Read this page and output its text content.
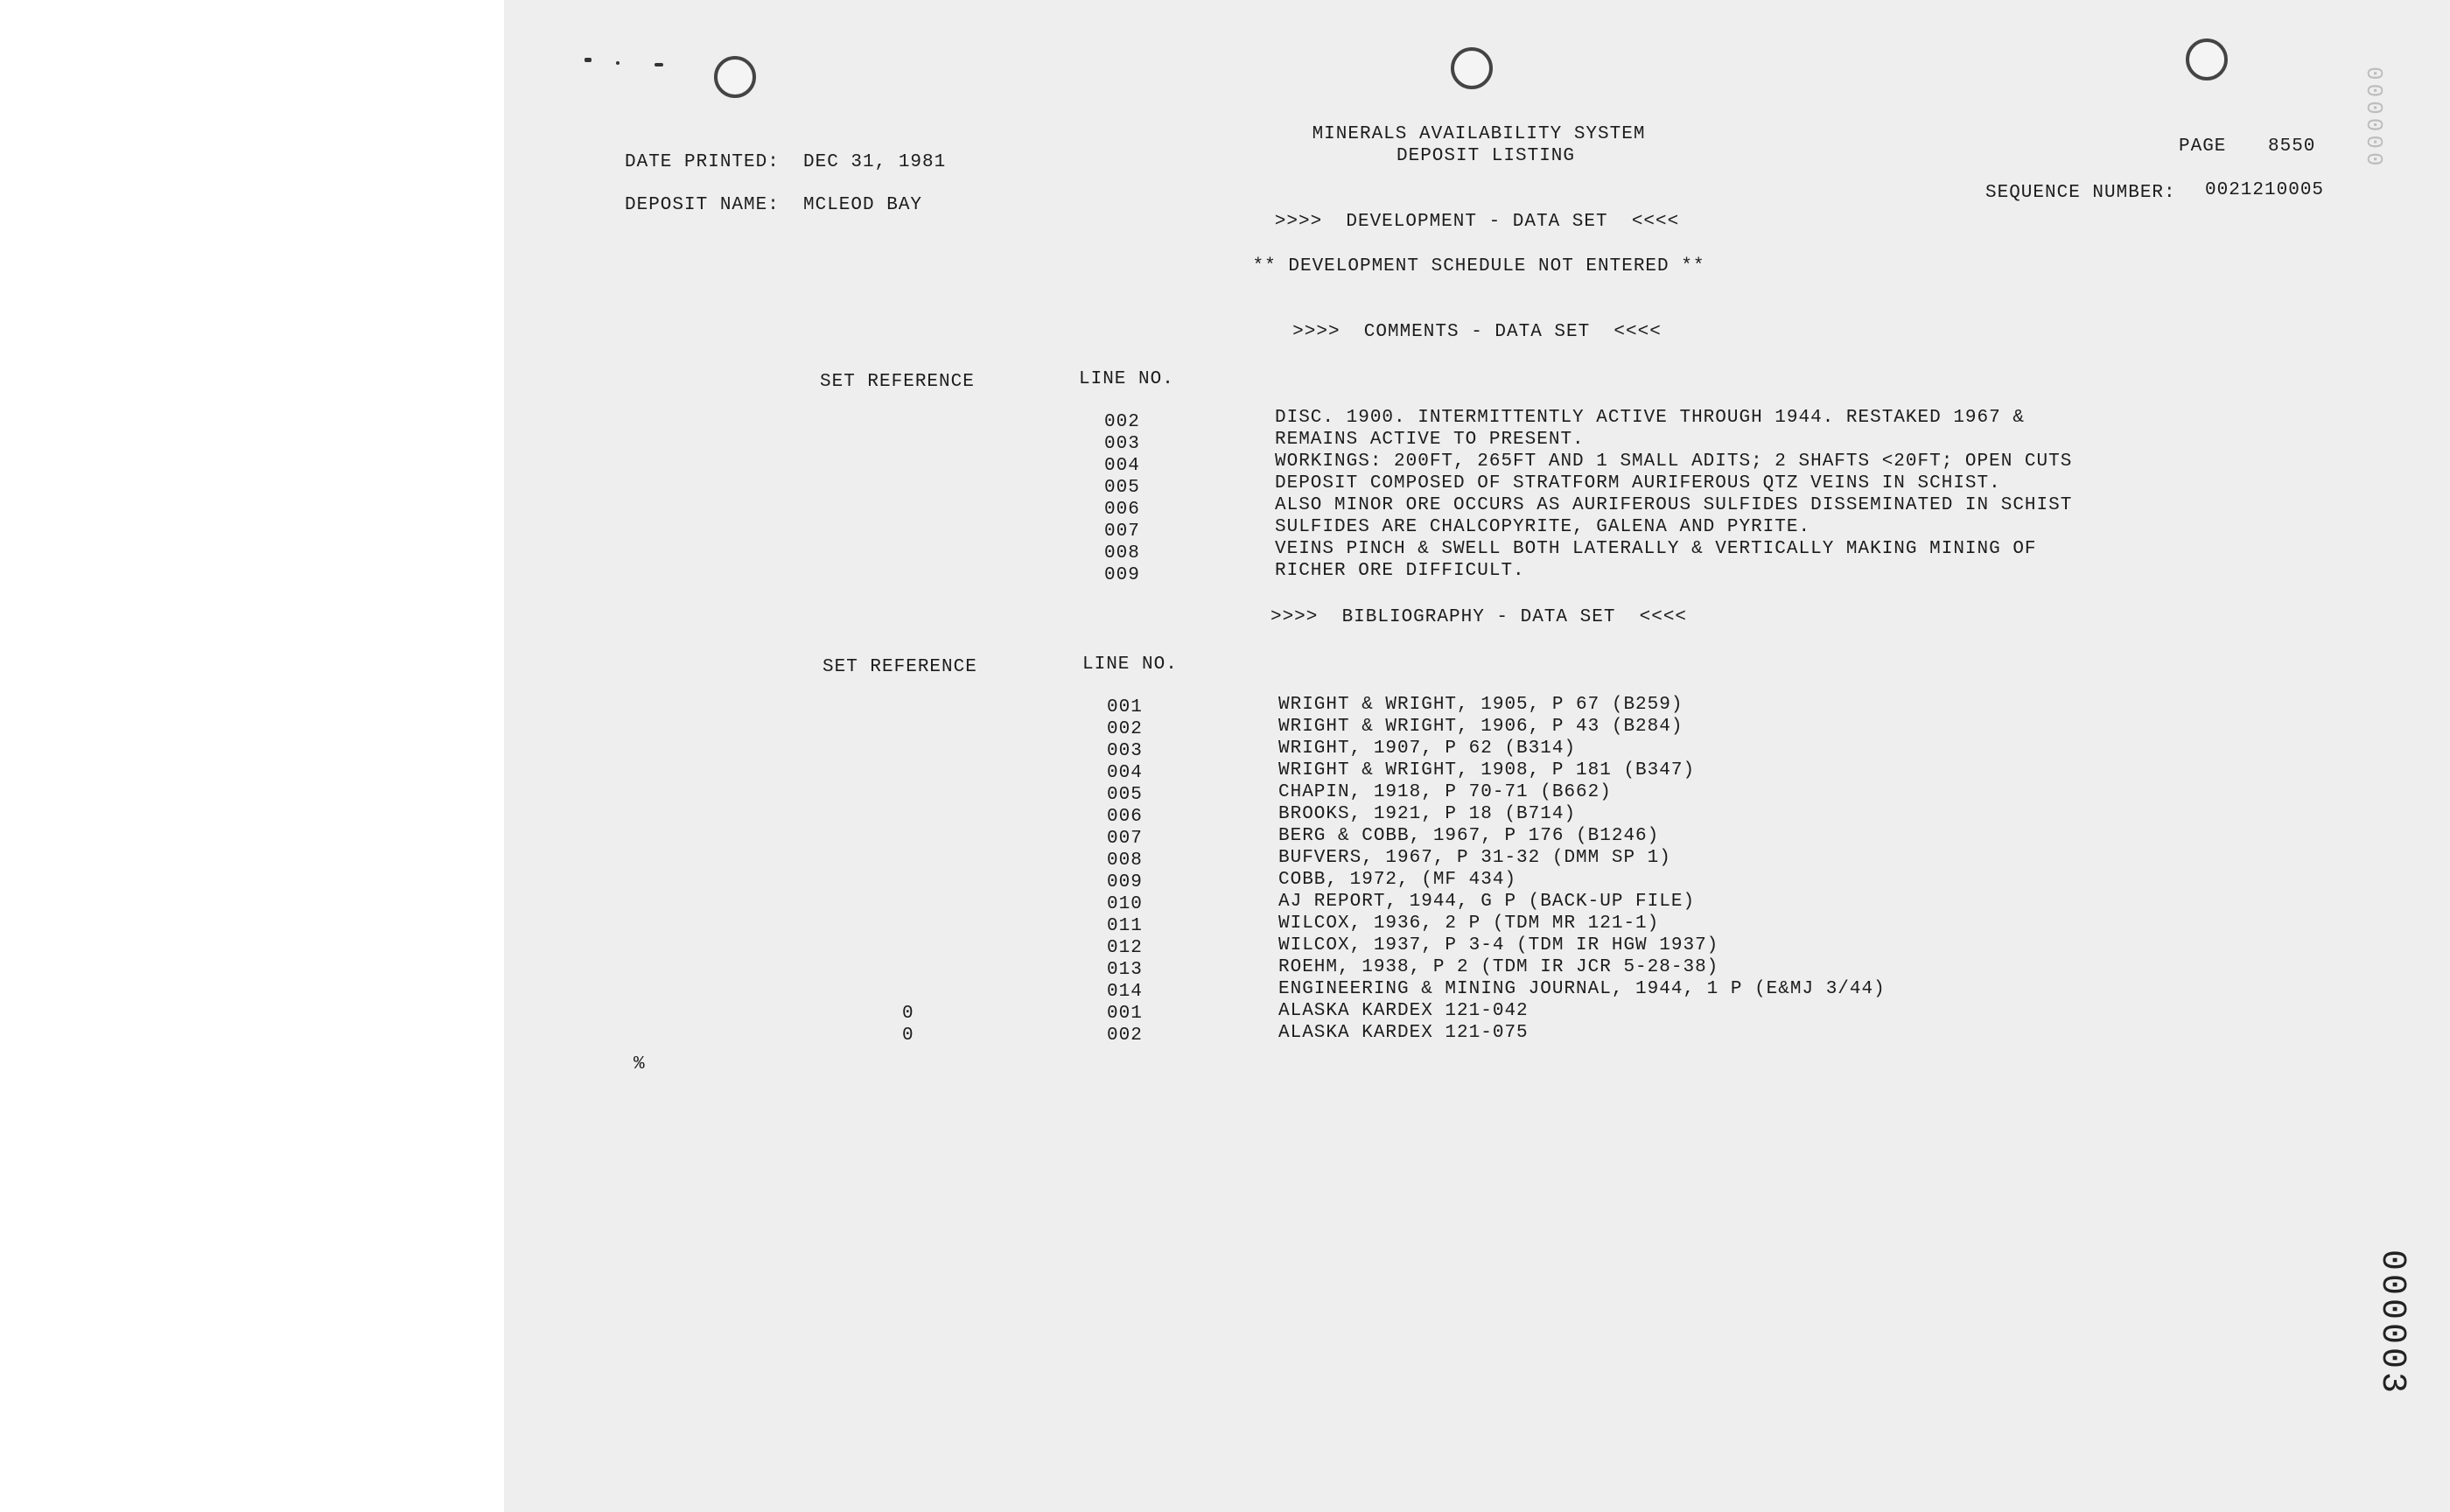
MINERALS AVAILABILITY SYSTEM
DEPOSIT LISTING
DATE PRINTED: DEC 31, 1981
DEPOSIT NAME: MCLEOD BAY
PAGE 8550
SEQUENCE NUMBER: 0021210005
>>>>  DEVELOPMENT - DATA SET  <<<<
** DEVELOPMENT SCHEDULE NOT ENTERED **
>>>>  COMMENTS - DATA SET  <<<<
SET REFERENCE	LINE NO.
002
003
004
005
006
007
008
009
DISC. 1900. INTERMITTENTLY ACTIVE THROUGH 1944. RESTAKED 1967 &
REMAINS ACTIVE TO PRESENT.
WORKINGS: 200FT, 265FT AND 1 SMALL ADITS; 2 SHAFTS <20FT; OPEN CUTS
DEPOSIT COMPOSED OF STRATFORM AURIFEROUS QTZ VEINS IN SCHIST.
ALSO MINOR ORE OCCURS AS AURIFEROUS SULFIDES DISSEMINATED IN SCHIST
SULFIDES ARE CHALCOPYRITE, GALENA AND PYRITE.
VEINS PINCH & SWELL BOTH LATERALLY & VERTICALLY MAKING MINING OF
RICHER ORE DIFFICULT.
>>>>  BIBLIOGRAPHY - DATA SET  <<<<
SET REFERENCE	LINE NO.
0
0
001
002
003
004
005
006
007
008
009
010
011
012
013
014
001
002
WRIGHT & WRIGHT, 1905, P 67 (B259)
WRIGHT & WRIGHT, 1906, P 43 (B284)
WRIGHT, 1907, P 62 (B314)
WRIGHT & WRIGHT, 1908, P 181 (B347)
CHAPIN, 1918, P 70-71 (B662)
BROOKS, 1921, P 18 (B714)
BERG & COBB, 1967, P 176 (B1246)
BUFVERS, 1967, P 31-32 (DMM SP 1)
COBB, 1972, (MF 434)
AJ REPORT, 1944, G P (BACK-UP FILE)
WILCOX, 1936, 2 P (TDM MR 121-1)
WILCOX, 1937, P 3-4 (TDM IR HGW 1937)
ROEHM, 1938, P 2 (TDM IR JCR 5-28-38)
ENGINEERING & MINING JOURNAL, 1944, 1 P (E&MJ 3/44)
ALASKA KARDEX 121-042
ALASKA KARDEX 121-075
%
000000
000003
